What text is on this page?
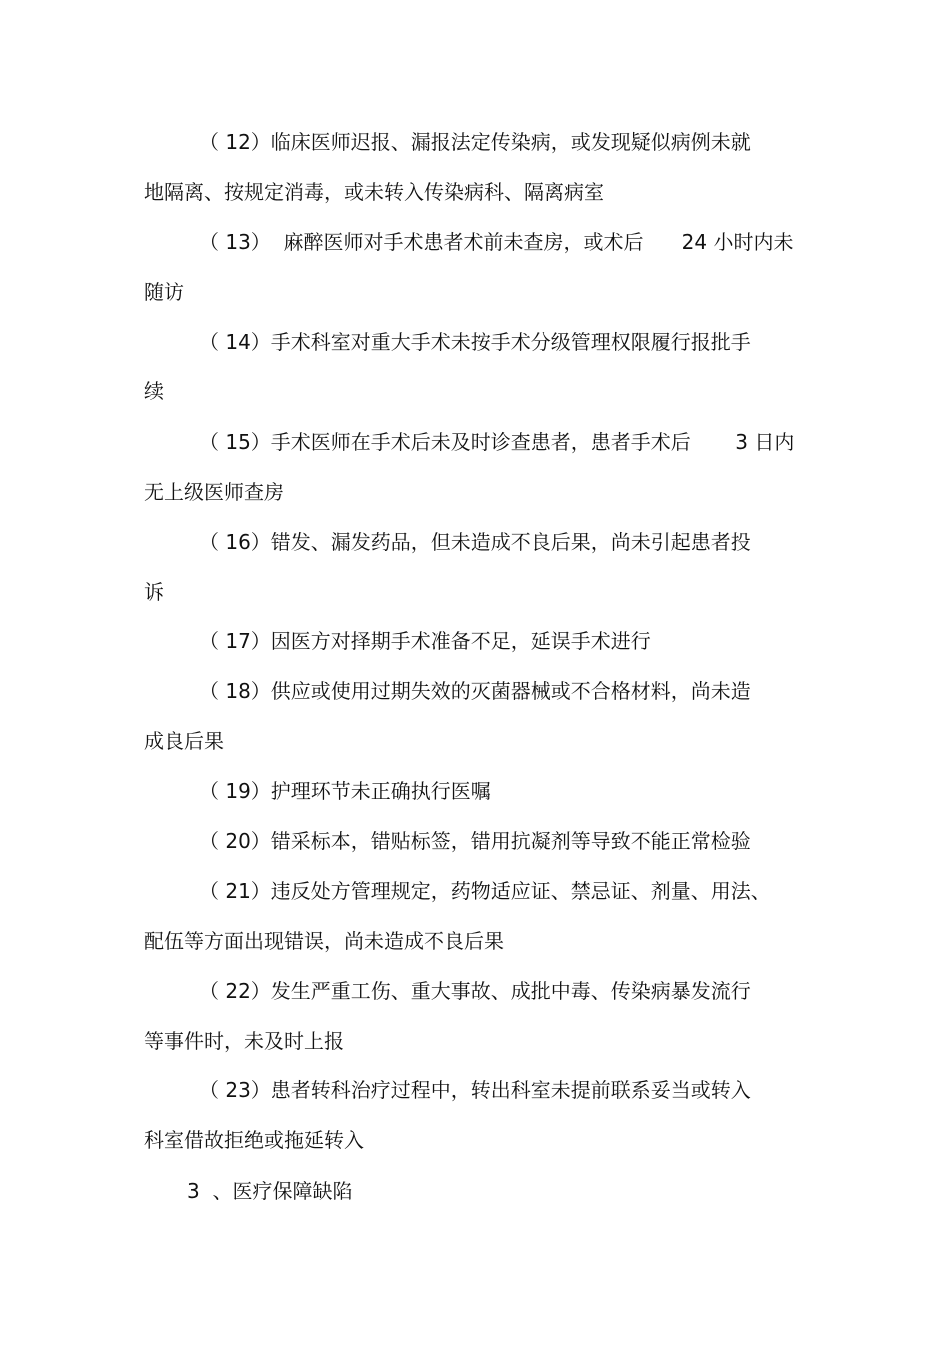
（ 12）临床医师迟报、漏报法定传染病，或发现疑似病例未就
地隔离、按规定消毒，或未转入传染病科、隔离病室
（ 13）  麻醉医师对手术患者术前未查房，或术后      24 小时内未
随访
（ 14）手术科室对重大手术未按手术分级管理权限履行报批手
续
（ 15）手术医师在手术后未及时诊查患者，患者手术后       3 日内
无上级医师查房
（ 16）错发、漏发药品，但未造成不良后果，尚未引起患者投
诉
（ 17）因医方对择期手术准备不足，延误手术进行
（ 18）供应或使用过期失效的灭菌器械或不合格材料，尚未造
成良后果
（ 19）护理环节未正确执行医嘱
（ 20）错采标本，错贴标签，错用抗凝剂等导致不能正常检验
（ 21）违反处方管理规定，药物适应证、禁忌证、剂量、用法、
配伍等方面出现错误，尚未造成不良后果
（ 22）发生严重工伤、重大事故、成批中毒、传染病暴发流行
等事件时，未及时上报
（ 23）患者转科治疗过程中，转出科室未提前联系妥当或转入
科室借故拒绝或拖延转入
3  、医疗保障缺陷
